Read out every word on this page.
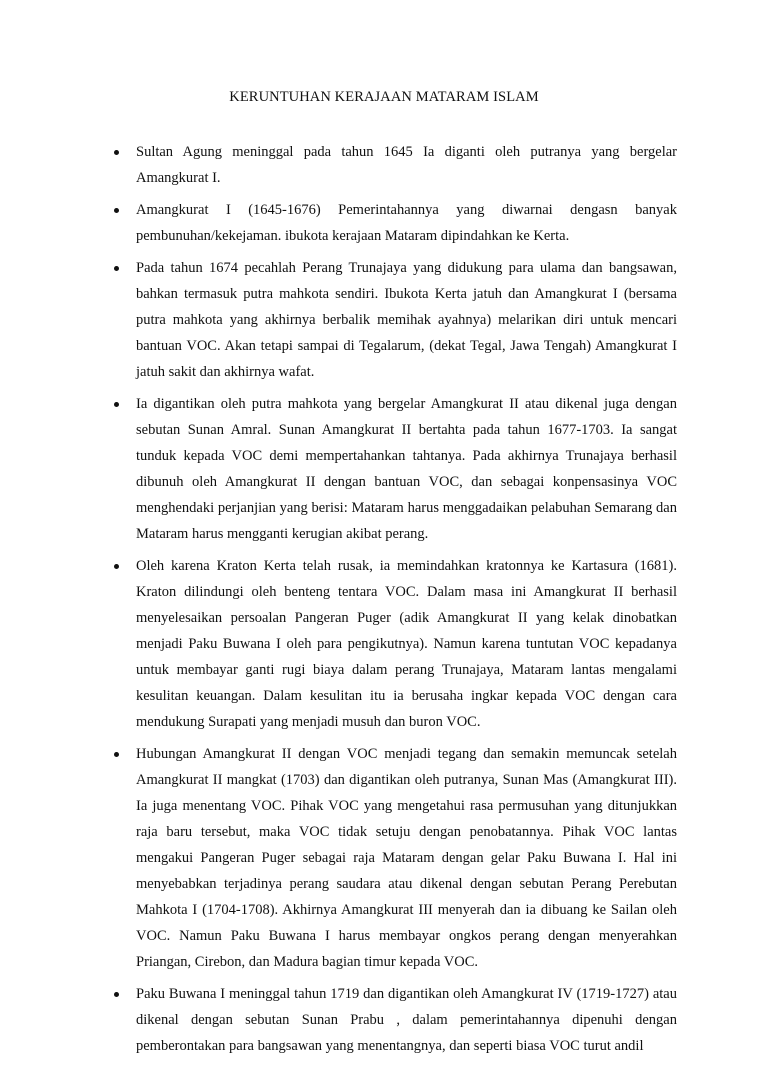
KERUNTUHAN KERAJAAN MATARAM ISLAM
Sultan Agung meninggal pada tahun 1645 Ia diganti oleh putranya yang bergelar Amangkurat I.
Amangkurat I (1645-1676) Pemerintahannya yang diwarnai dengasn banyak pembunuhan/kekejaman. ibukota kerajaan Mataram dipindahkan ke Kerta.
Pada tahun 1674 pecahlah Perang Trunajaya yang didukung para ulama dan bangsawan, bahkan termasuk putra mahkota sendiri. Ibukota Kerta jatuh dan Amangkurat I (bersama putra mahkota yang akhirnya berbalik memihak ayahnya) melarikan diri untuk mencari bantuan VOC. Akan tetapi sampai di Tegalarum, (dekat Tegal, Jawa Tengah) Amangkurat I jatuh sakit dan akhirnya wafat.
Ia digantikan oleh putra mahkota yang bergelar Amangkurat II atau dikenal juga dengan sebutan Sunan Amral. Sunan Amangkurat II bertahta pada tahun 1677-1703. Ia sangat tunduk kepada VOC demi mempertahankan tahtanya. Pada akhirnya Trunajaya berhasil dibunuh oleh Amangkurat II dengan bantuan VOC, dan sebagai konpensasinya VOC menghendaki perjanjian yang berisi: Mataram harus menggadaikan pelabuhan Semarang dan Mataram harus mengganti kerugian akibat perang.
Oleh karena Kraton Kerta telah rusak, ia memindahkan kratonnya ke Kartasura (1681). Kraton dilindungi oleh benteng tentara VOC. Dalam masa ini Amangkurat II berhasil menyelesaikan persoalan Pangeran Puger (adik Amangkurat II yang kelak dinobatkan menjadi Paku Buwana I oleh para pengikutnya). Namun karena tuntutan VOC kepadanya untuk membayar ganti rugi biaya dalam perang Trunajaya, Mataram lantas mengalami kesulitan keuangan. Dalam kesulitan itu ia berusaha ingkar kepada VOC dengan cara mendukung Surapati yang menjadi musuh dan buron VOC.
Hubungan Amangkurat II dengan VOC menjadi tegang dan semakin memuncak setelah Amangkurat II mangkat (1703) dan digantikan oleh putranya, Sunan Mas (Amangkurat III). Ia juga menentang VOC. Pihak VOC yang mengetahui rasa permusuhan yang ditunjukkan raja baru tersebut, maka VOC tidak setuju dengan penobatannya. Pihak VOC lantas mengakui Pangeran Puger sebagai raja Mataram dengan gelar Paku Buwana I. Hal ini menyebabkan terjadinya perang saudara atau dikenal dengan sebutan Perang Perebutan Mahkota I (1704-1708). Akhirnya Amangkurat III menyerah dan ia dibuang ke Sailan oleh VOC. Namun Paku Buwana I harus membayar ongkos perang dengan menyerahkan Priangan, Cirebon, dan Madura bagian timur kepada VOC.
Paku Buwana I meninggal tahun 1719 dan digantikan oleh Amangkurat IV (1719-1727) atau dikenal dengan sebutan Sunan Prabu , dalam pemerintahannya dipenuhi dengan pemberontakan para bangsawan yang menentangnya, dan seperti biasa VOC turut andil
